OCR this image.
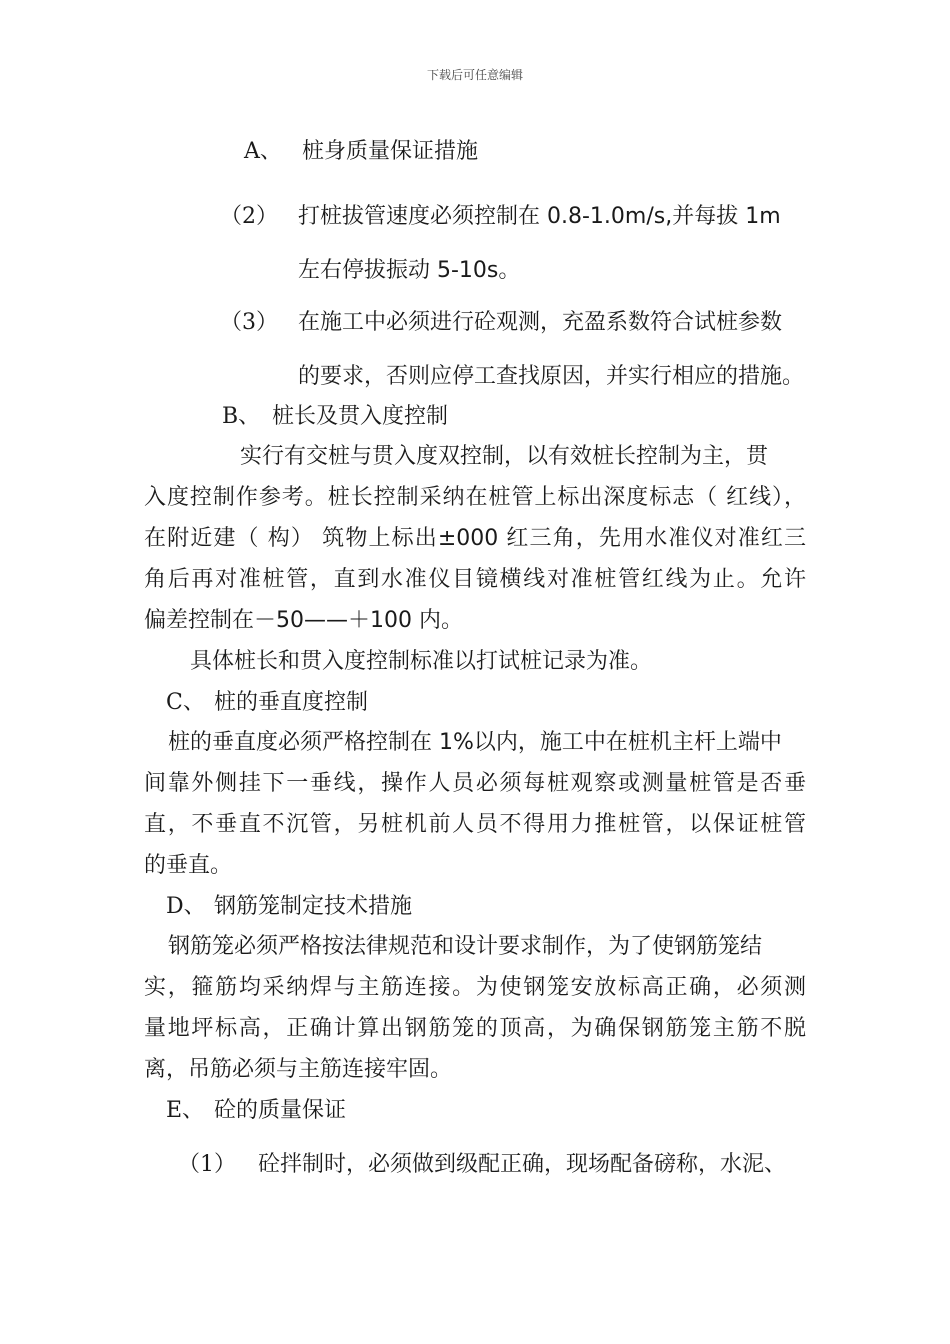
下载后可任意编辑
A、 桩身质量保证措施
（2） 打桩拔管速度必须控制在 0.8-1.0m/s,并每拔 1m
左右停拔振动 5-10s。
（3） 在施工中必须进行砼观测，充盈系数符合试桩参数
的要求，否则应停工查找原因，并实行相应的措施。
B、 桩长及贯入度控制
实行有交桩与贯入度双控制，以有效桩长控制为主，贯
入度控制作参考。桩长控制采纳在桩管上标出深度标志（ 红线），
在附近建（ 构） 筑物上标出±000 红三角，先用水准仪对准红三
角后再对准桩管，直到水准仪目镜横线对准桩管红线为止。允许
偏差控制在－50——＋100 内。
具体桩长和贯入度控制标准以打试桩记录为准。
C、 桩的垂直度控制
桩的垂直度必须严格控制在 1%以内，施工中在桩机主杆上端中
间靠外侧挂下一垂线，操作人员必须每桩观察或测量桩管是否垂
直，不垂直不沉管，另桩机前人员不得用力推桩管，以保证桩管
的垂直。
D、 钢筋笼制定技术措施
钢筋笼必须严格按法律规范和设计要求制作，为了使钢筋笼结
实，箍筋均采纳焊与主筋连接。为使钢笼安放标高正确，必须测
量地坪标高，正确计算出钢筋笼的顶高，为确保钢筋笼主筋不脱
离，吊筋必须与主筋连接牢固。
E、 砼的质量保证
（1） 砼拌制时，必须做到级配正确，现场配备磅称，水泥、
